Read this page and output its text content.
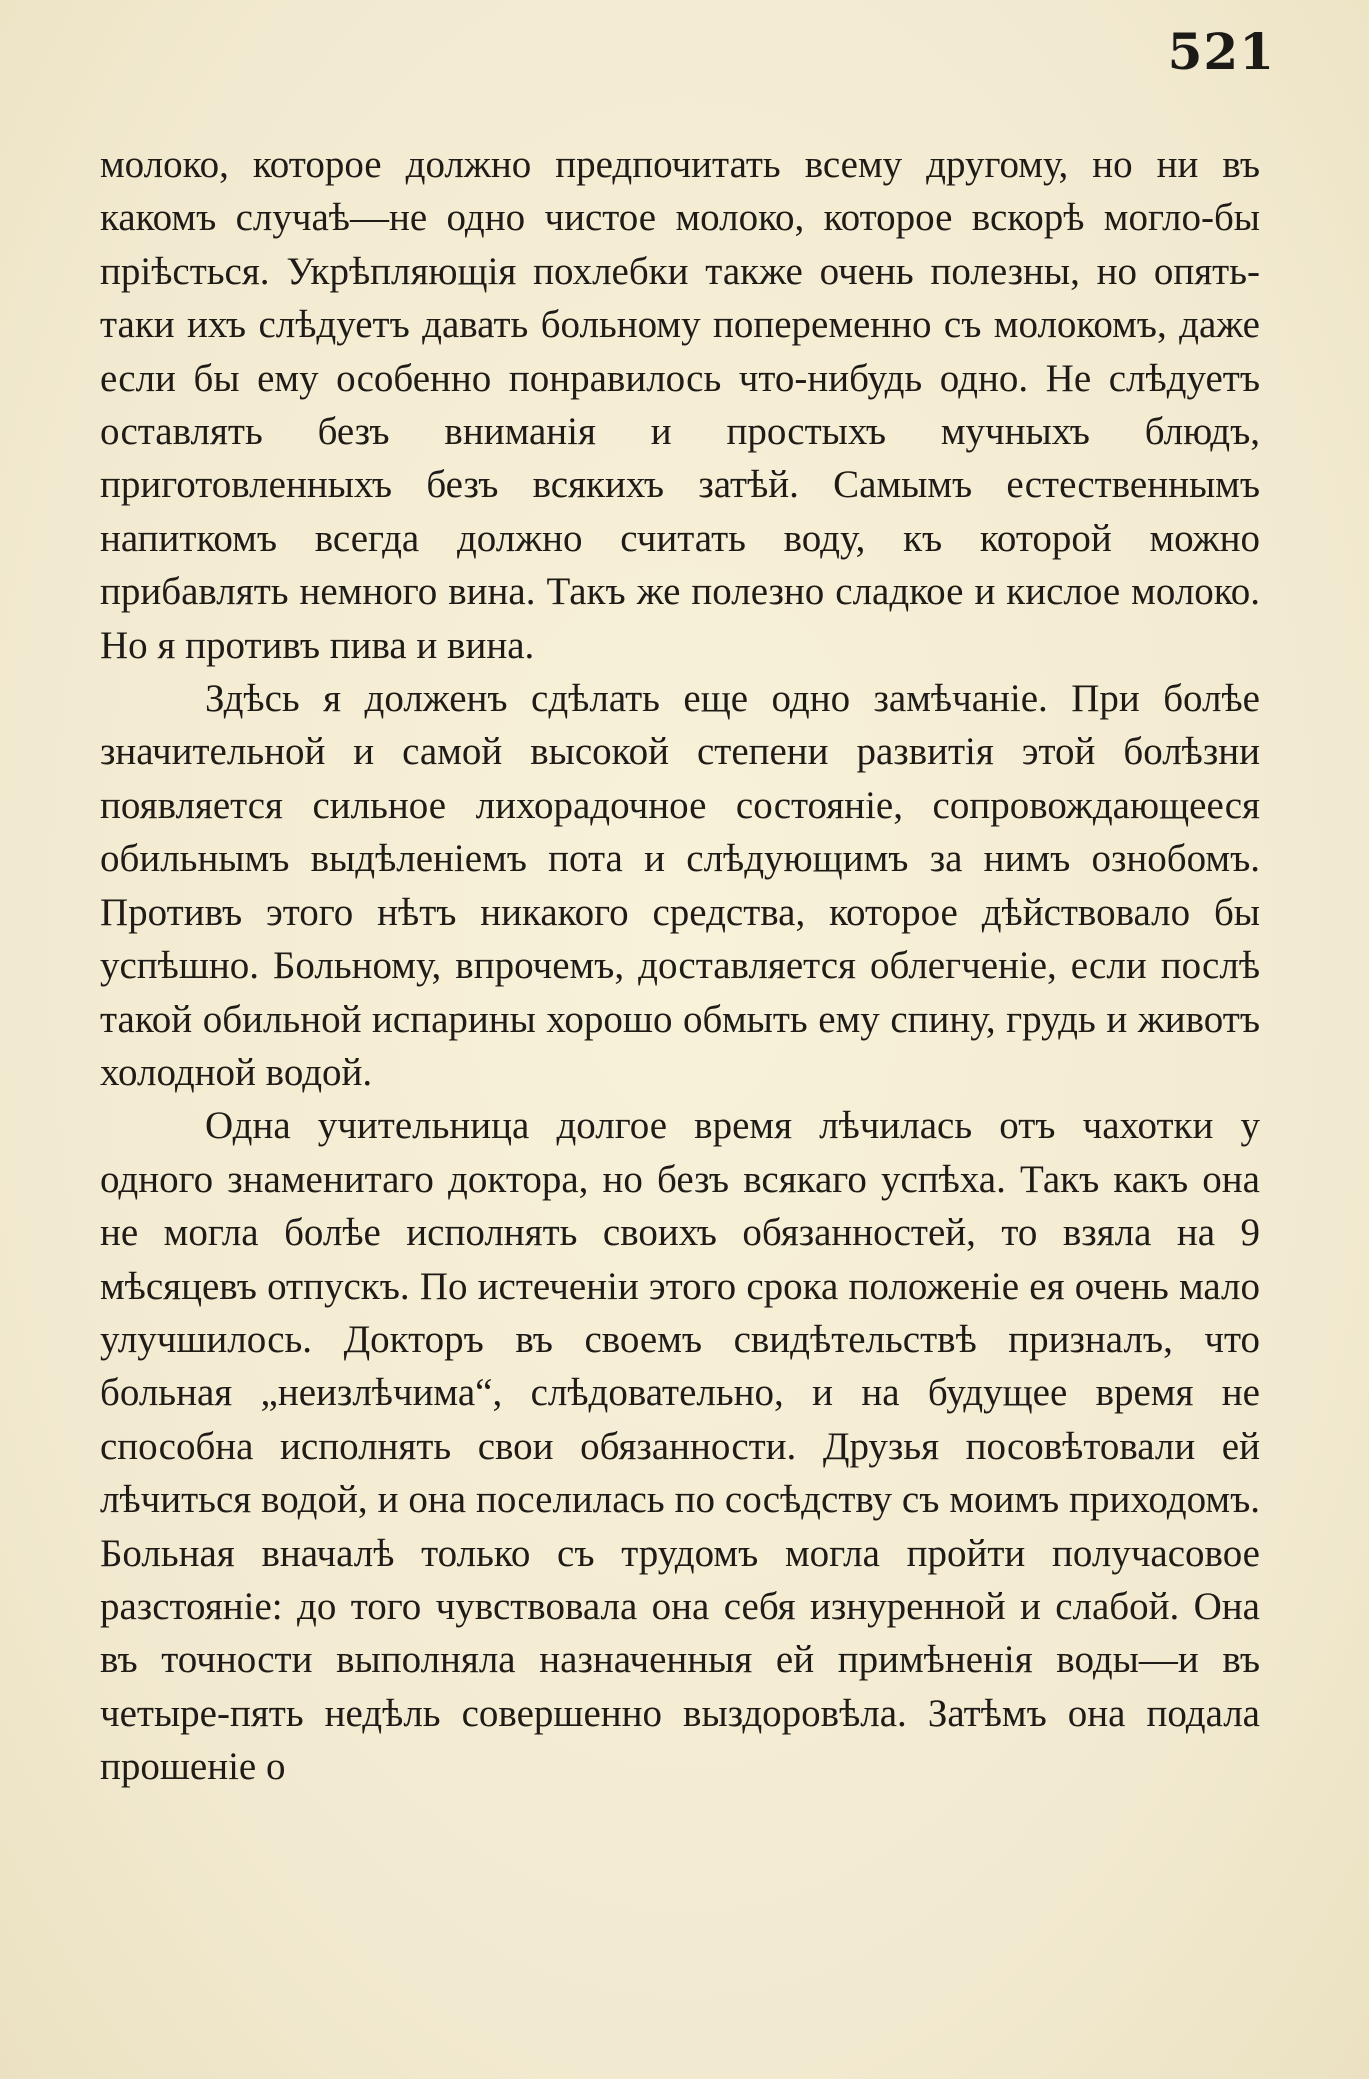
521

молоко, которое должно предпочитать всему другому, но ни въ какомъ случаѣ—не одно чистое молоко, которое вскорѣ могло-бы пріѣсться. Укрѣпляющія похлебки также очень полезны, но опять-таки ихъ слѣдуетъ давать больному попеременно съ молокомъ, даже если бы ему особенно понравилось что-нибудь одно. Не слѣдуетъ оставлять безъ вниманія и простыхъ мучныхъ блюдъ, приготовленныхъ безъ всякихъ затѣй. Самымъ естественнымъ напиткомъ всегда должно считать воду, къ которой можно прибавлять немного вина. Такъ же полезно сладкое и кислое молоко. Но я противъ пива и вина.

Здѣсь я долженъ сдѣлать еще одно замѣчаніе. При болѣе значительной и самой высокой степени развитія этой болѣзни появляется сильное лихорадочное состояніе, сопровождающееся обильнымъ выдѣленіемъ пота и слѣдующимъ за нимъ ознобомъ. Противъ этого нѣтъ никакого средства, которое дѣйствовало бы успѣшно. Больному, впрочемъ, доставляется облегченіе, если послѣ такой обильной испарины хорошо обмыть ему спину, грудь и животъ холодной водой.

Одна учительница долгое время лѣчилась отъ чахотки у одного знаменитаго доктора, но безъ всякаго успѣха. Такъ какъ она не могла болѣе исполнять своихъ обязанностей, то взяла на 9 мѣсяцевъ отпускъ. По истеченіи этого срока положеніе ея очень мало улучшилось. Докторъ въ своемъ свидѣтельствѣ призналъ, что больная „неизлѣчима“, слѣдовательно, и на будущее время не способна исполнять свои обязанности. Друзья посовѣтовали ей лѣчиться водой, и она поселилась по сосѣдству съ моимъ приходомъ. Больная вначалѣ только съ трудомъ могла пройти получасовое разстояніе: до того чувствовала она себя изнуренной и слабой. Она въ точности выполняла назначенныя ей примѣненія воды—и въ четыре-пять недѣль совершенно выздоровѣла. Затѣмъ она подала прошеніе о
